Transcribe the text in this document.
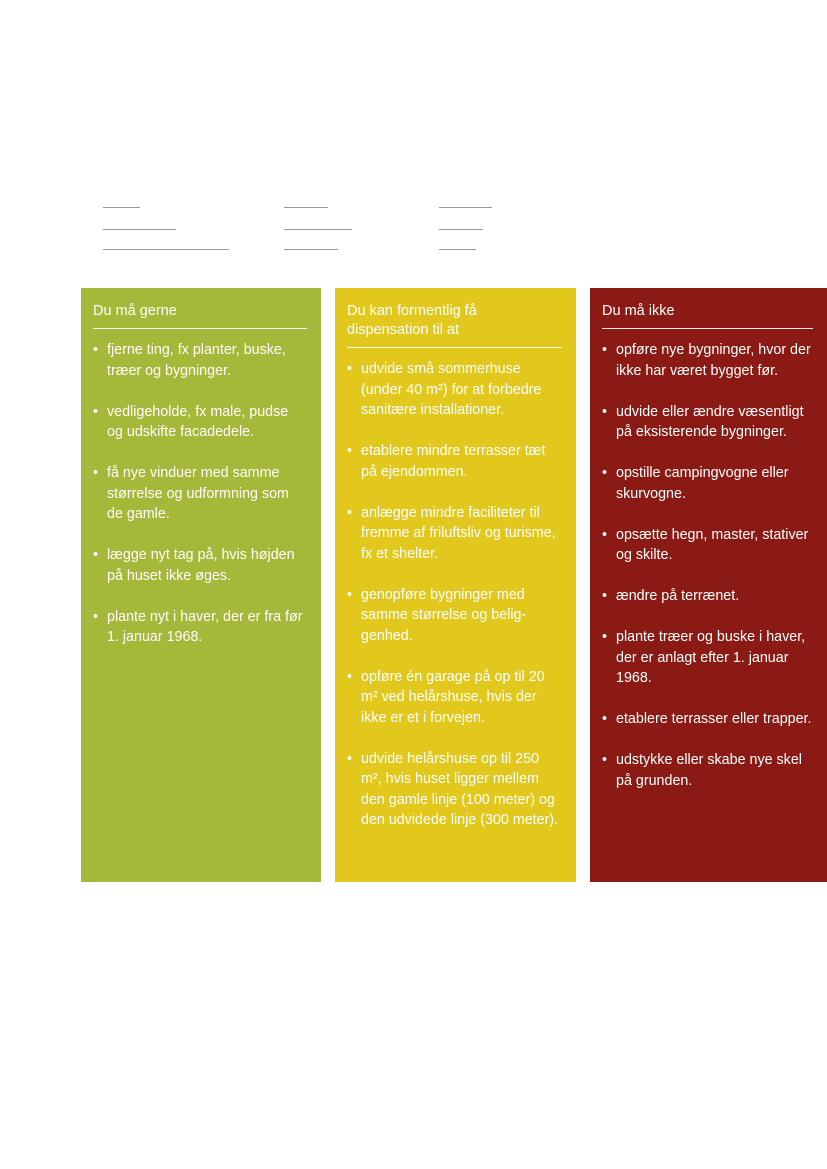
Du må gerne
• fjerne ting, fx planter, buske, træer og bygninger.
• vedligeholde, fx male, pudse og udskifte facadedele.
• få nye vinduer med samme størrelse og udformning som de gamle.
• lægge nyt tag på, hvis højden på huset ikke øges.
• plante nyt i haver, der er fra før 1. januar 1968.
Du kan formentlig få dispensation til at
• udvide små sommerhuse (under 40 m²) for at forbedre sanitære installationer.
• etablere mindre terrasser tæt på ejendommen.
• anlægge mindre faciliteter til fremme af friluftsliv og turisme, fx et shelter.
• genopføre bygninger med samme størrelse og beliggenhed.
• opføre én garage på op til 20 m² ved helårshuse, hvis der ikke er et i forvejen.
• udvide helårshuse op til 250 m², hvis huset ligger mellem den gamle linje (100 meter) og den udvidede linje (300 meter).
Du må ikke
• opføre nye bygninger, hvor der ikke har været bygget før.
• udvide eller ændre væsentligt på eksisterende bygninger.
• opstille campingvogne eller skurvogne.
• opsætte hegn, master, stativer og skilte.
• ændre på terrænet.
• plante træer og buske i haver, der er anlagt efter 1. januar 1968.
• etablere terrasser eller trapper.
• udstykke eller skabe nye skel på grunden.
